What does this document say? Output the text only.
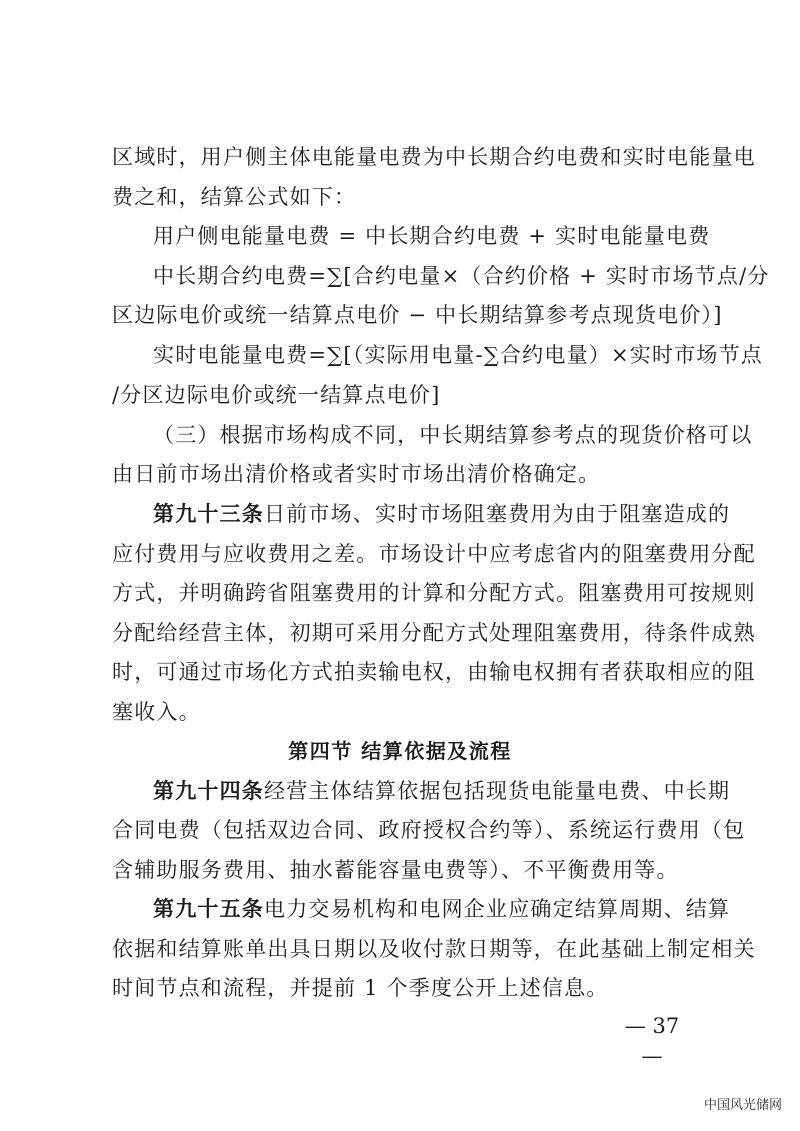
区域时，用户侧主体电能量电费为中长期合约电费和实时电能量电
费之和，结算公式如下：
用户侧电能量电费 = 中长期合约电费 + 实时电能量电费
中长期合约电费=∑[合约电量×（合约价格 + 实时市场节点/分
区边际电价或统一结算点电价 − 中长期结算参考点现货电价）]
实时电能量电费=∑[（实际用电量-∑合约电量）×实时市场节点
/分区边际电价或统一结算点电价]
（三）根据市场构成不同，中长期结算参考点的现货价格可以
由日前市场出清价格或者实时市场出清价格确定。
第九十三条 日前市场、实时市场阻塞费用为由于阻塞造成的
应付费用与应收费用之差。市场设计中应考虑省内的阻塞费用分配
方式，并明确跨省阻塞费用的计算和分配方式。阻塞费用可按规则
分配给经营主体，初期可采用分配方式处理阻塞费用，待条件成熟
时，可通过市场化方式拍卖输电权，由输电权拥有者获取相应的阻
塞收入。
第四节 结算依据及流程
第九十四条 经营主体结算依据包括现货电能量电费、中长期
合同电费（包括双边合同、政府授权合约等）、系统运行费用（包
含辅助服务费用、抽水蓄能容量电费等）、不平衡费用等。
第九十五条 电力交易机构和电网企业应确定结算周期、结算
依据和结算账单出具日期以及收付款日期等，在此基础上制定相关
时间节点和流程，并提前 1 个季度公开上述信息。
— 37 —
中国风光储网
